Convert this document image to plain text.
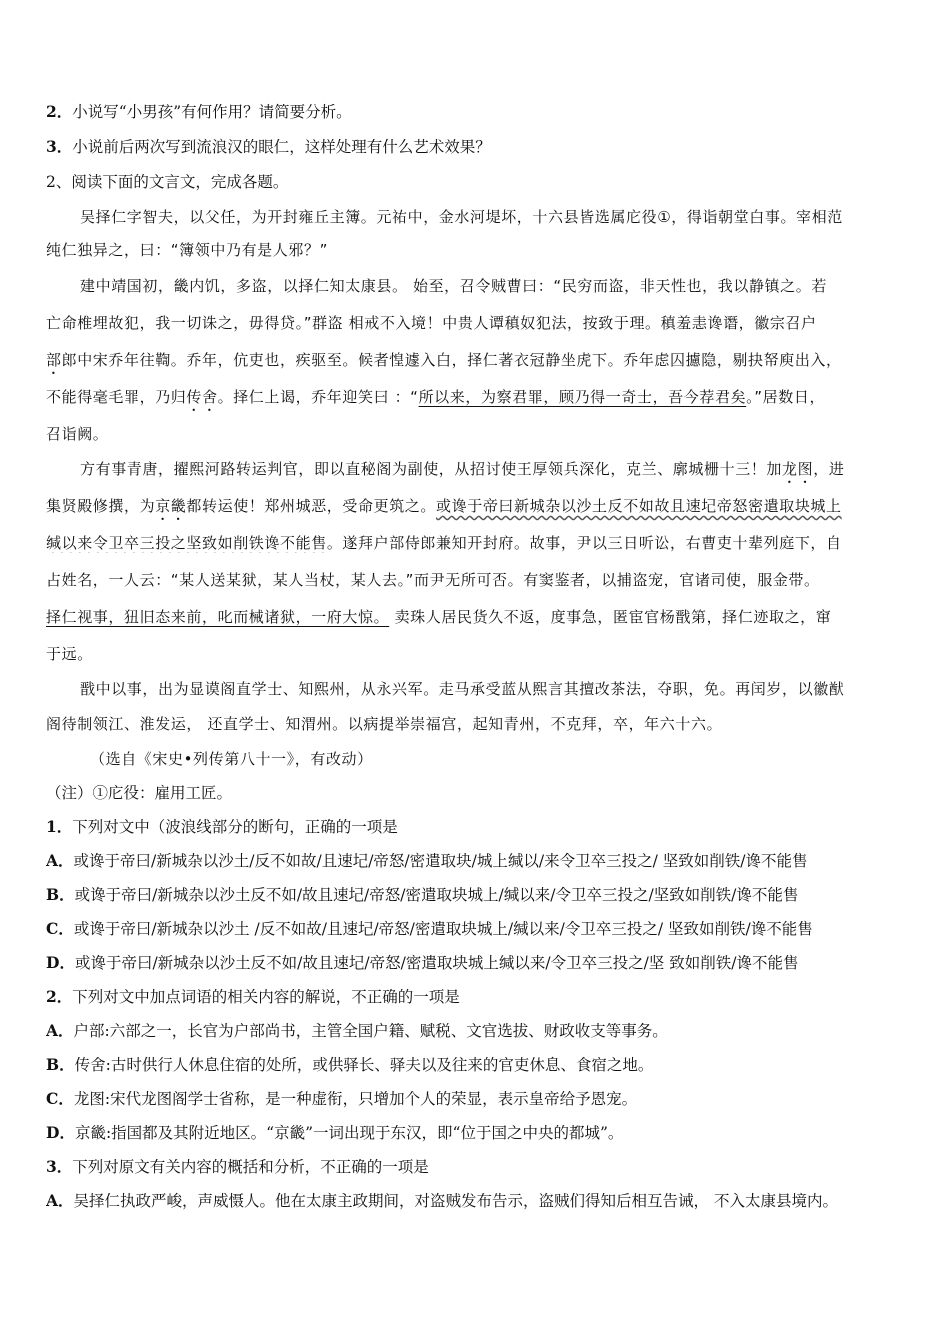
2．小说写“小男孩”有何作用？请简要分析。
3．小说前后两次写到流浪汉的眼仁，这样处理有什么艺术效果？
2、阅读下面的文言文，完成各题。
吴择仁字智夫，以父任，为开封雍丘主簿。元祐中，金水河堤坏，十六县皆选属庀役①，得诣朝堂白事。宰相范
纯仁独异之，曰：“簿领中乃有是人邪？”
建中靖国初，畿内饥，多盗，以择仁知太康县。 始至，召令贼曹曰：“民穷而盗，非天性也，我以静镇之。若
亡命椎埋故犯，我一切诛之，毋得贷。”群盗 相戒不入境！中贵人谭稹奴犯法，按致于理。稹羞恚谗谮，徽宗召户
部郎中宋乔年往鞫。乔年，伉吏也，疾驱至。候者惶遽入白，择仁著衣冠静坐虎下。乔年虑囚攄隐，剔抉帑庾出入，
不能得毫毛罪，乃归传舍。择仁上谒，乔年迎笑曰 ：“所以来，为察君罪，顾乃得一奇士，吾今荐君矣。”居数日，
召诣阙。
方有事青唐，擢熙河路转运判官，即以直秘阁为副使，从招讨使王厚领兵深化，克兰、廓城栅十三！加龙图，进
集贤殿修撰，为京畿都转运使！郑州城恶，受命更筑之。或谗于帝曰新城杂以沙土反不如故且速圮帝怒密遣取块城上
缄以来令卫卒三投之坚致如削铁谗不能售。遂拜户部侍郎兼知开封府。故事，尹以三日听讼，右曹吏十辈列庭下，自
占姓名，一人云：“某人送某狱，某人当杖，某人去。”而尹无所可否。有窦鉴者，以捕盗宠，官诸司使，服金带。
择仁视事，狃旧态来前，叱而械诸狱，一府大惊。 卖珠人居民货久不返，度事急，匿宦官杨戬第，择仁迹取之，窜
于远。
戬中以事，出为显谟阁直学士、知熙州，从永兴军。走马承受蓝从熙言其擅改茶法，夺职，免。再闰岁，以徽猷
阁待制领江、淮发运， 还直学士、知渭州。以病提举崇福宫，起知青州，不克拜，卒，年六十六。
（选自《宋史•列传第八十一》，有改动）
（注）①庀役：雇用工匠。
1．下列对文中（波浪线部分的断句，正确的一项是
A．或谗于帝曰/新城杂以沙土/反不如故/且速圮/帝怒/密遣取块/城上缄以/来令卫卒三投之/ 坚致如削铁/谗不能售
B．或谗于帝曰/新城杂以沙土反不如/故且速圮/帝怒/密遣取块城上/缄以来/令卫卒三投之/坚致如削铁/谗不能售
C．或谗于帝曰/新城杂以沙土 /反不如故/且速圮/帝怒/密遣取块城上/缄以来/令卫卒三投之/ 坚致如削铁/谗不能售
D．或谗于帝曰/新城杂以沙土反不如/故且速圮/帝怒/密遣取块城上缄以来/令卫卒三投之/坚 致如削铁/谗不能售
2．下列对文中加点词语的相关内容的解说，不正确的一项是
A．户部:六部之一，长官为户部尚书，主管全国户籍、赋税、文官选拔、财政收支等事务。
B．传舍:古时供行人休息住宿的处所，或供驿长、驿夫以及往来的官吏休息、食宿之地。
C．龙图:宋代龙图阁学士省称，是一种虚衔，只增加个人的荣显，表示皇帝给予恩宠。
D．京畿:指国都及其附近地区。“京畿”一词出现于东汉，即“位于国之中央的都城”。
3．下列对原文有关内容的概括和分析，不正确的一项是
A．吴择仁执政严峻，声威慑人。他在太康主政期间，对盗贼发布告示，盗贼们得知后相互告诫， 不入太康县境内。
